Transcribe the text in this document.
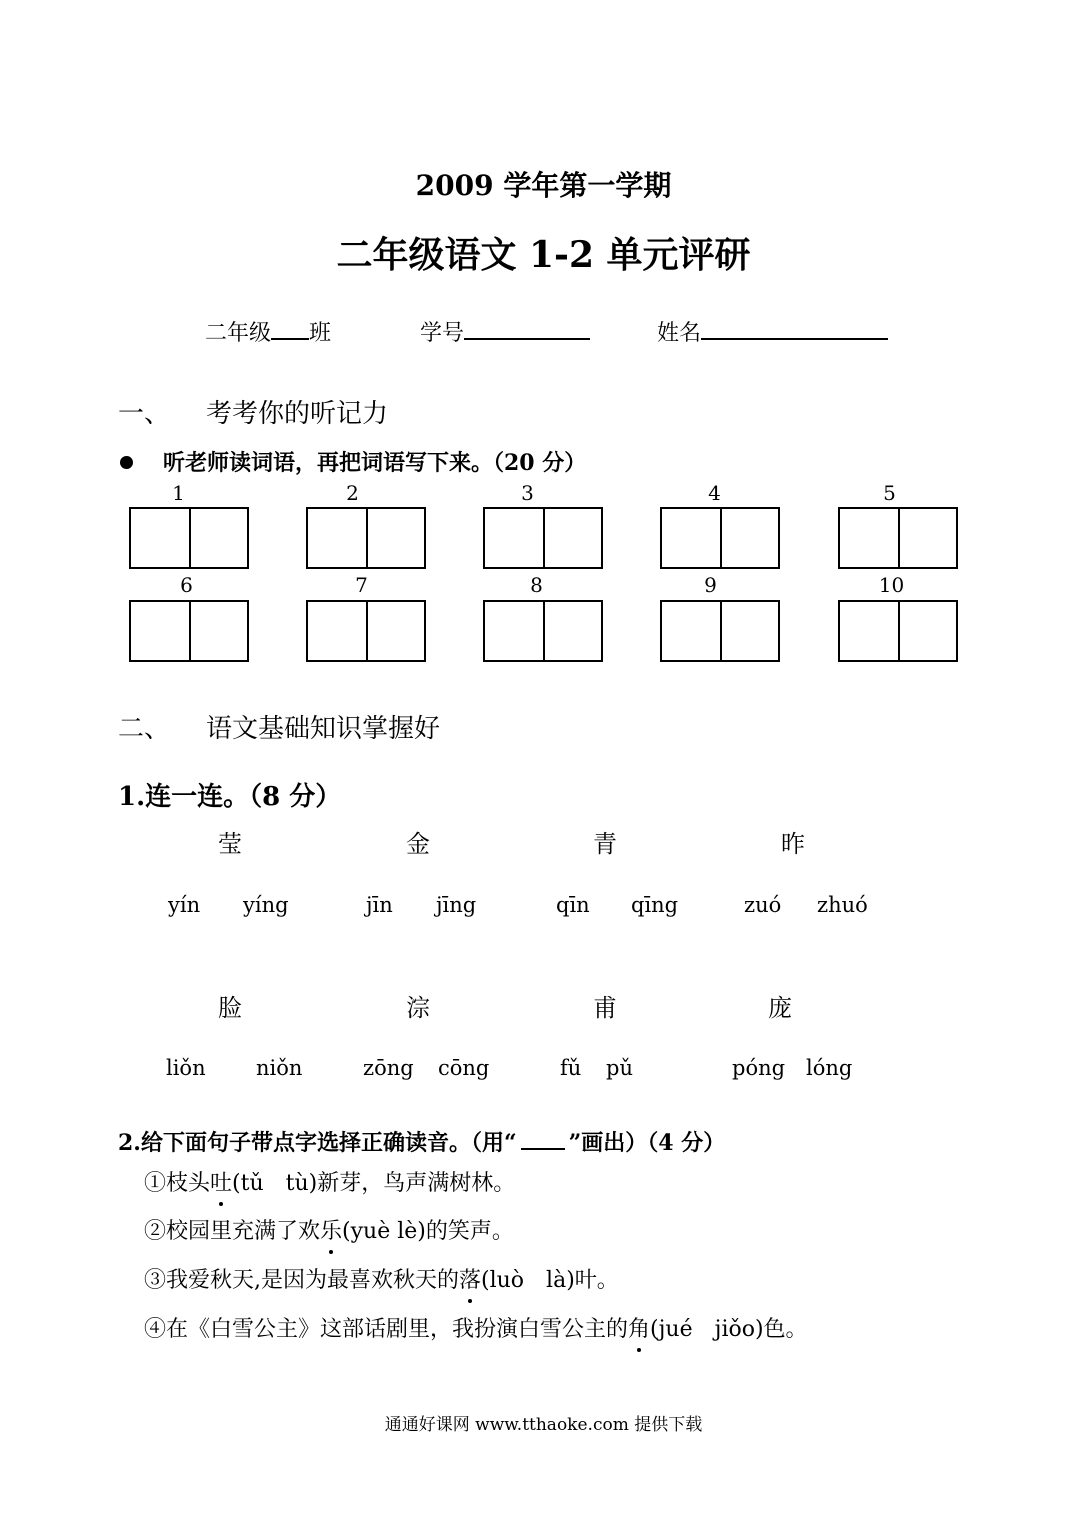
2009 学年第一学期
二年级语文 1-2 单元评研
二年级 班	学号	姓名
一、 考考你的听记力
听老师读词语，再把词语写下来。（20 分）
1	2	3	4	5
6	7	8	9	10
二、 语文基础知识掌握好
1.连一连。（8 分）
莹	金	青	昨
yín yíng	jīn jīng	qīn qīng	zuó zhuó
脸	淙	甫	庞
liǒn niǒn	zōng cōng	fǔ pǔ	póng lóng
2.给下面句子带点字选择正确读音。（用“ ”画出）（4 分）
①枝头吐(tǔ　tù)新芽，鸟声满树林。
②校园里充满了欢乐(yuè lè)的笑声。
③我爱秋天,是因为最喜欢秋天的落(luò　là)叶。
④在《白雪公主》这部话剧里，我扮演白雪公主的角(jué　jiǒo)色。
通通好课网 www.tthaoke.com 提供下载
